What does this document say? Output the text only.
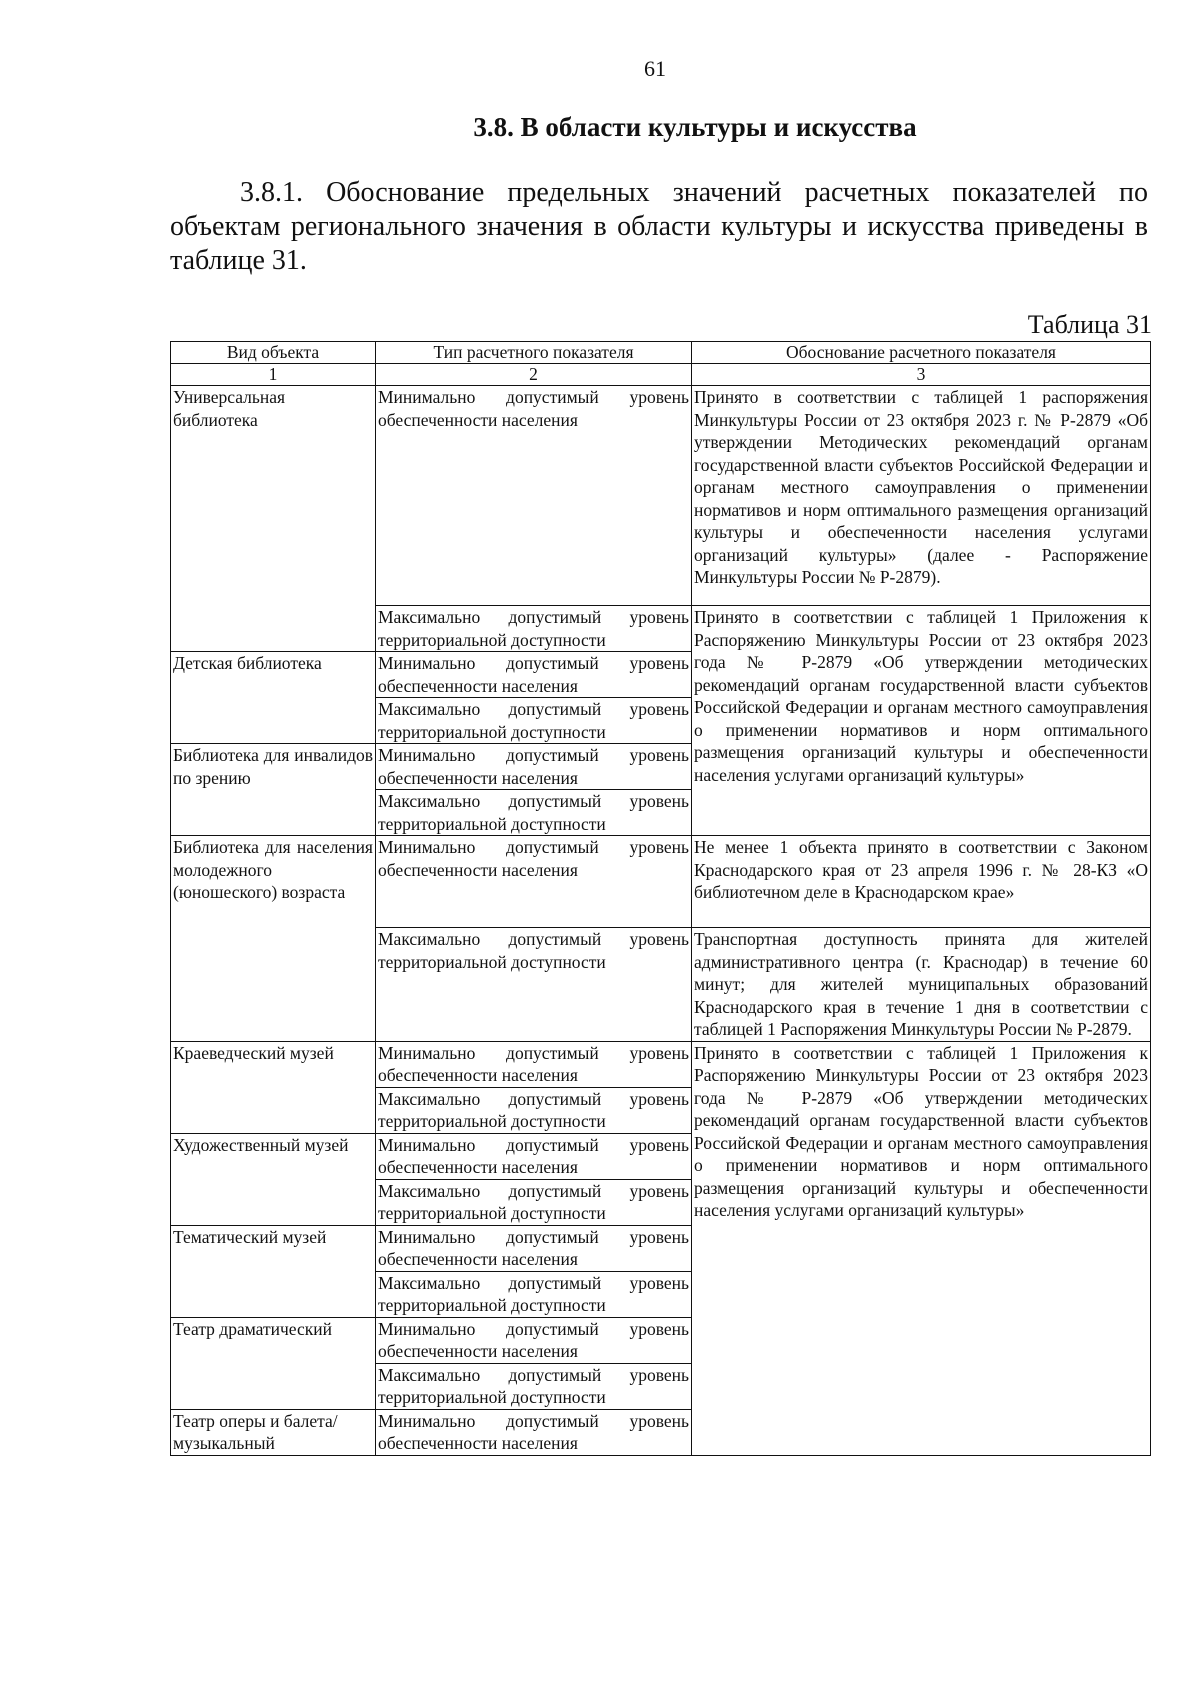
61
3.8. В области культуры и искусства

3.8.1. Обоснование предельных значений расчетных показателей по объектам регионального значения в области культуры и искусства приведены в таблице 31.

Таблица 31
Вид объекта	Тип расчетного показателя	Обоснование расчетного показателя
1	2	3
Универсальная библиотека	Минимально допустимый уровень обеспеченности населения	Принято в соответствии с таблицей 1 распоряжения Минкультуры России от 23 октября 2023 г. № Р-2879 «Об утверждении Методических рекомендаций органам государственной власти субъектов Российской Федерации и органам местного самоуправления о применении нормативов и норм оптимального размещения организаций культуры и обеспеченности населения услугами организаций культуры» (далее - Распоряжение Минкультуры России № Р-2879).
	Максимально допустимый уровень территориальной доступности	Принято в соответствии с таблицей 1 Приложения к Распоряжению Минкультуры России от 23 октября 2023 года № Р-2879 «Об утверждении методических рекомендаций органам государственной власти субъектов Российской Федерации и органам местного самоуправления о применении нормативов и норм оптимального размещения организаций культуры и обеспеченности населения услугами организаций культуры»
Детская библиотека	Минимально допустимый уровень обеспеченности населения	
	Максимально допустимый уровень территориальной доступности	
Библиотека для инвалидов по зрению	Минимально допустимый уровень обеспеченности населения	
	Максимально допустимый уровень территориальной доступности	
Библиотека для населения молодежного (юношеского) возраста	Минимально допустимый уровень обеспеченности населения	Не менее 1 объекта принято в соответствии с Законом Краснодарского края от 23 апреля 1996 г. № 28-КЗ «О библиотечном деле в Краснодарском крае»
	Максимально допустимый уровень территориальной доступности	Транспортная доступность принята для жителей административного центра (г. Краснодар) в течение 60 минут; для жителей муниципальных образований Краснодарского края в течение 1 дня в соответствии с таблицей 1 Распоряжения Минкультуры России № Р-2879.
Краеведческий музей	Минимально допустимый уровень обеспеченности населения	Принято в соответствии с таблицей 1 Приложения к Распоряжению Минкультуры России от 23 октября 2023 года № Р-2879 «Об утверждении методических рекомендаций органам государственной власти субъектов Российской Федерации и органам местного самоуправления о применении нормативов и норм оптимального размещения организаций культуры и обеспеченности населения услугами организаций культуры»
	Максимально допустимый уровень территориальной доступности	
Художественный музей	Минимально допустимый уровень обеспеченности населения	
	Максимально допустимый уровень территориальной доступности	
Тематический музей	Минимально допустимый уровень обеспеченности населения	
	Максимально допустимый уровень территориальной доступности	
Театр драматический	Минимально допустимый уровень обеспеченности населения	
	Максимально допустимый уровень территориальной доступности	
Театр оперы и балета/ музыкальный	Минимально допустимый уровень обеспеченности населения	
